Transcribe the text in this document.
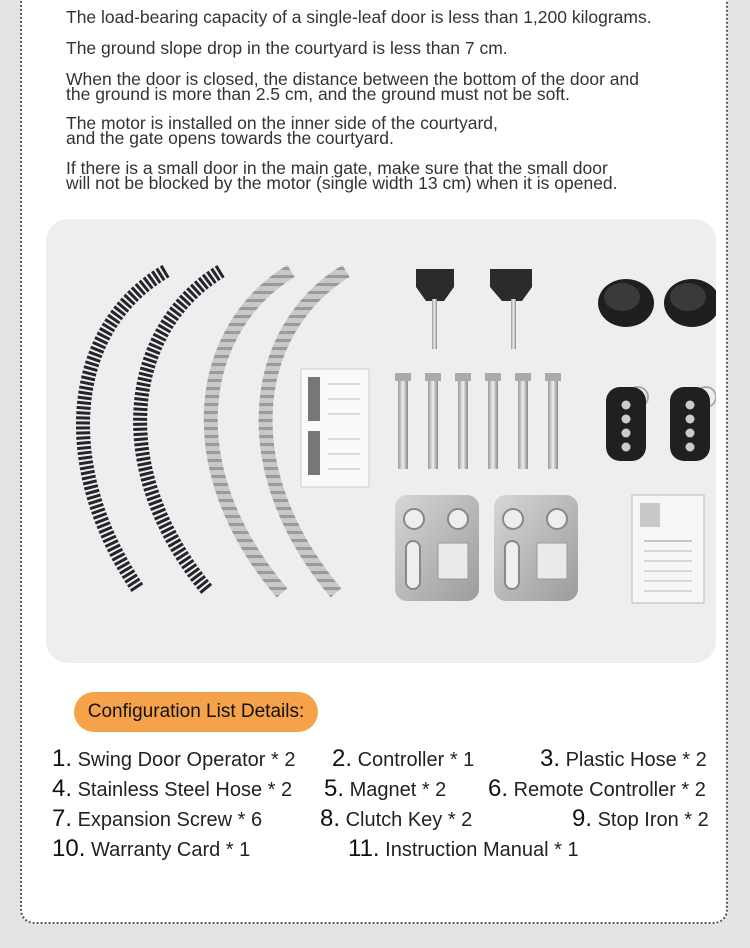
The load-bearing capacity of a single-leaf door is less than 1,200 kilograms.

The ground slope drop in the courtyard is less than 7 cm.

When the door is closed, the distance between the bottom of the door and

the ground is more than 2.5 cm, and the ground must not be soft.

The motor is installed on the inner side of the courtyard,

and the gate opens towards the courtyard.

If there is a small door in the main gate, make sure that the small door

will not be blocked by the motor (single width 13 cm) when it is opened.

Configuration List Details:
1. Swing Door Operator * 2 2. Controller * 1	3. Plastic Hose * 2
4. Stainless Steel Hose * 2 5. Magnet * 2 6. Remote Controller * 2
7. Expansion Screw * 6 8. Clutch Key * 2	9. Stop Iron * 2
10. Warranty Card * 1	11. Instruction Manual * 1
